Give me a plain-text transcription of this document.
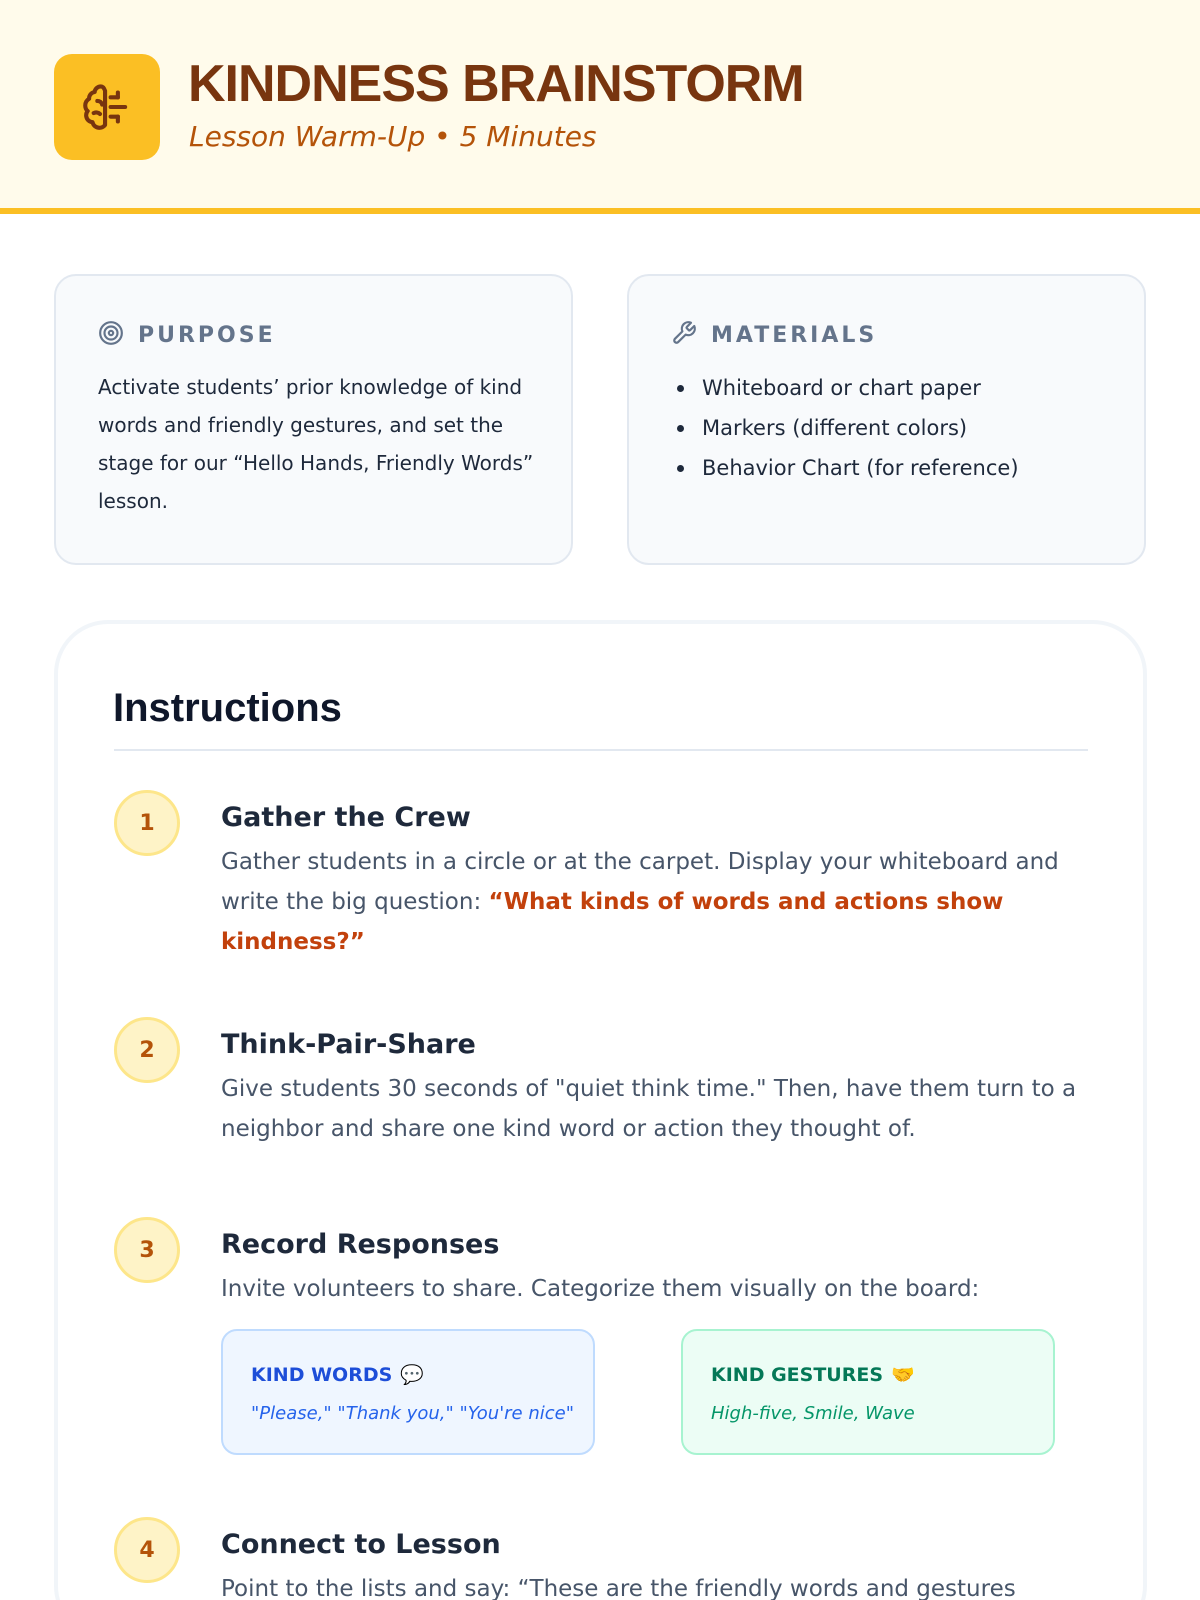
KINDNESS BRAINSTORM
Lesson Warm-Up • 5 Minutes
PURPOSE

Activate students’ prior knowledge of kind words and friendly gestures, and set the stage for our “Hello Hands, Friendly Words” lesson.

MATERIALS
Whiteboard or chart paper
Markers (different colors)
Behavior Chart (for reference)
Instructions
1	Gather the Crew

Gather students in a circle or at the carpet. Display your whiteboard and write the big question: “What kinds of words and actions show kindness?”

2	Think-Pair-Share

Give students 30 seconds of "quiet think time." Then, have them turn to a neighbor and share one kind word or action they thought of.

3	Record Responses

Invite volunteers to share. Categorize them visually on the board:

KIND WORDS 💬
"Please," "Thank you," "You're nice"
KIND GESTURES 🤝
High-five, Smile, Wave
4	Connect to Lesson

Point to the lists and say: “These are the friendly words and gestures
